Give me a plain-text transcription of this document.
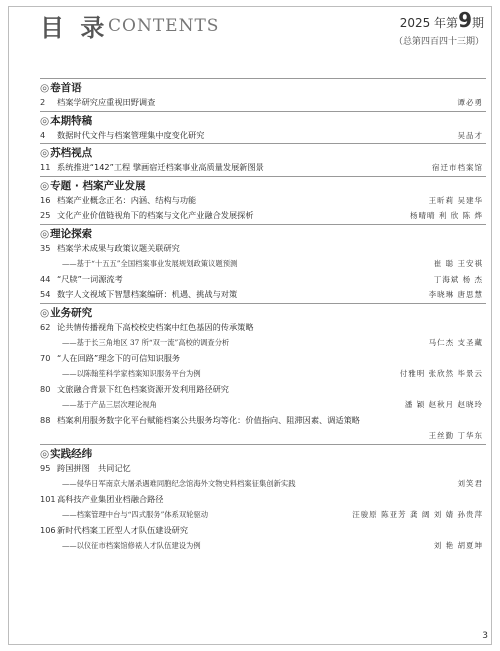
目 录 CONTENTS	2025 年第9期
（总第四百四十三期）
◎卷首语
2 档案学研究应重视田野调查	谭必勇
◎本期特稿
4 数据时代文件与档案管理集中度变化研究	吴品才
◎苏档视点
11 系统推进“142”工程 擘画宿迁档案事业高质量发展新图景	宿迁市档案馆
◎专题 · 档案产业发展
16 档案产业概念正名：内涵、结构与功能	王昕莉 吴建华
25 文化产业价值链视角下的档案与文化产业融合发展探析	杨晴晴 利 欣 陈 烨
◎理论探索
35 档案学术成果与政策议题关联研究
——基于“十五五”全国档案事业发展规划政策议题预测	崔 聪 王安祺
44 “尺牍”一词源流考	丁海斌 杨 杰
54 数字人文视域下智慧档案编研：机遇、挑战与对策	李晓琳 唐思慧
◎业务研究
62 论共情传播视角下高校校史档案中红色基因的传承策略
——基于长三角地区 37 所“双一流”高校的调查分析	马仁杰 支圣藏
70 “人在回路”理念下的可信知识服务
——以陈翰笙科学家档案知识服务平台为例	付雅明 张欣然 毕景云
80 文旅融合背景下红色档案资源开发利用路径研究
——基于产品三层次理论视角	潘 颖 赵秋月 赵晓玲
88 档案利用服务数字化平台赋能档案公共服务均等化：价值指向、阻滞因素、调适策略
王丝勤 丁华东
◎实践经纬
95 跨国拼图　共同记忆
——侵华日军南京大屠杀遇难同胞纪念馆海外文物史料档案征集创新实践	刘笑君
101高科技产业集团业档融合路径
——档案管理中台与“四式服务”体系双轮驱动	汪骏原 陈亚芳 龚 阔 刘 婧 孙贵萍
106新时代档案工匠型人才队伍建设研究
——以仪征市档案馆修裱人才队伍建设为例	刘 艳 胡夏坤
3
